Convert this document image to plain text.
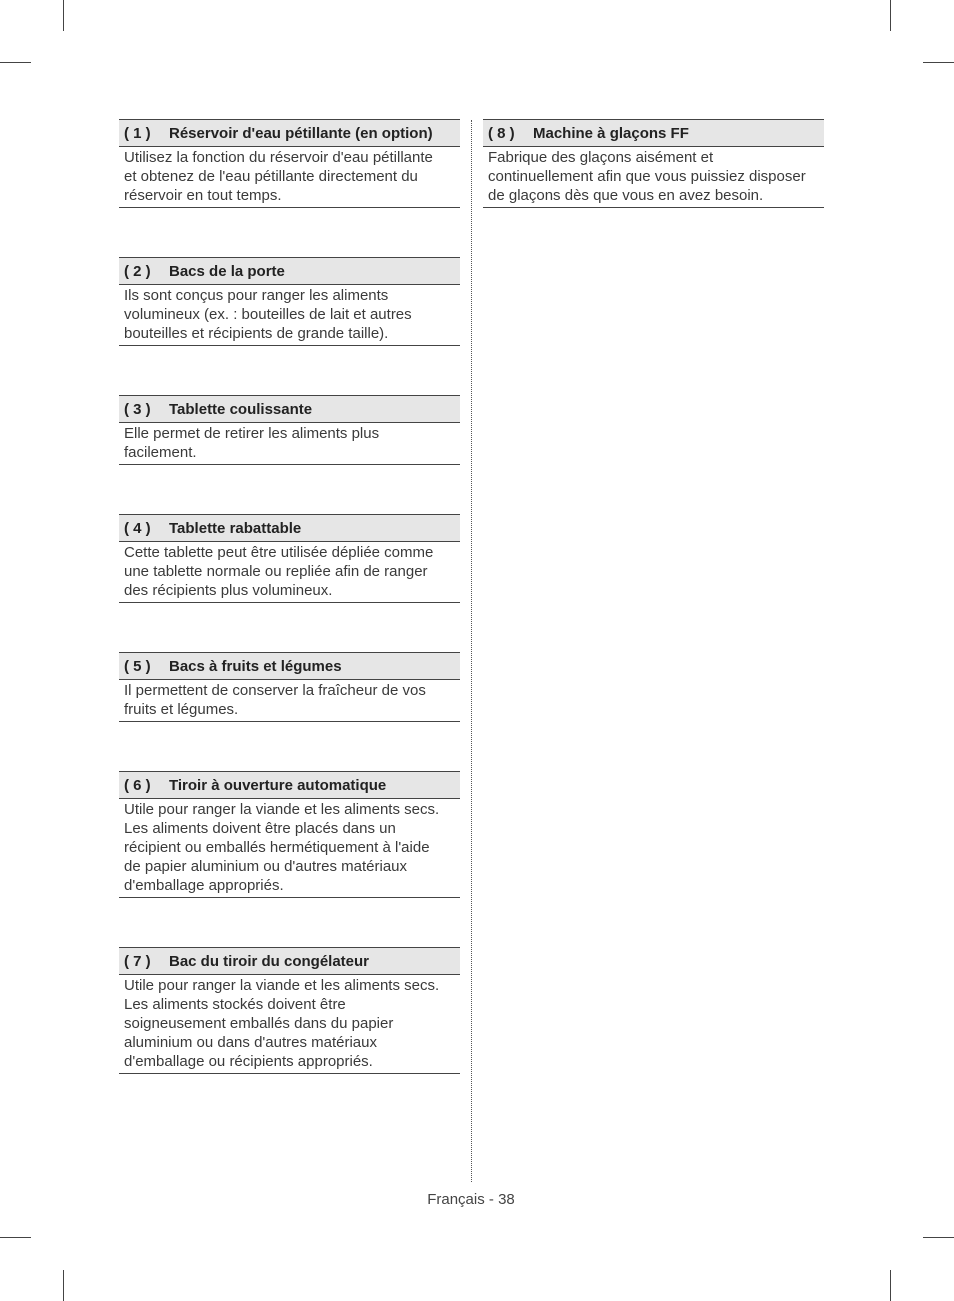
( 1 )	Réservoir d'eau pétillante (en option)
Utilisez la fonction du réservoir d'eau pétillante
et obtenez de l'eau pétillante directement du
réservoir en tout temps.
( 2 )	Bacs de la porte
Ils sont conçus pour ranger les aliments
volumineux (ex. : bouteilles de lait et autres
bouteilles et récipients de grande taille).
( 3 )	Tablette coulissante
Elle permet de retirer les aliments plus
facilement.
( 4 )	Tablette rabattable
Cette tablette peut être utilisée dépliée comme
une tablette normale ou repliée afin de ranger
des récipients plus volumineux.
( 5 )	Bacs à fruits et légumes
Il permettent de conserver la fraîcheur de vos
fruits et légumes.
( 6 )	Tiroir à ouverture automatique
Utile pour ranger la viande et les aliments secs.
Les aliments doivent être placés dans un
récipient ou emballés hermétiquement à l'aide
de papier aluminium ou d'autres matériaux
d'emballage appropriés.
( 7 )	Bac du tiroir du congélateur
Utile pour ranger la viande et les aliments secs.
Les aliments stockés doivent être
soigneusement emballés dans du papier
aluminium ou dans d'autres matériaux
d'emballage ou récipients appropriés.
( 8 )	Machine à glaçons FF
Fabrique des glaçons aisément et
continuellement afin que vous puissiez disposer
de glaçons dès que vous en avez besoin.
Français - 38
